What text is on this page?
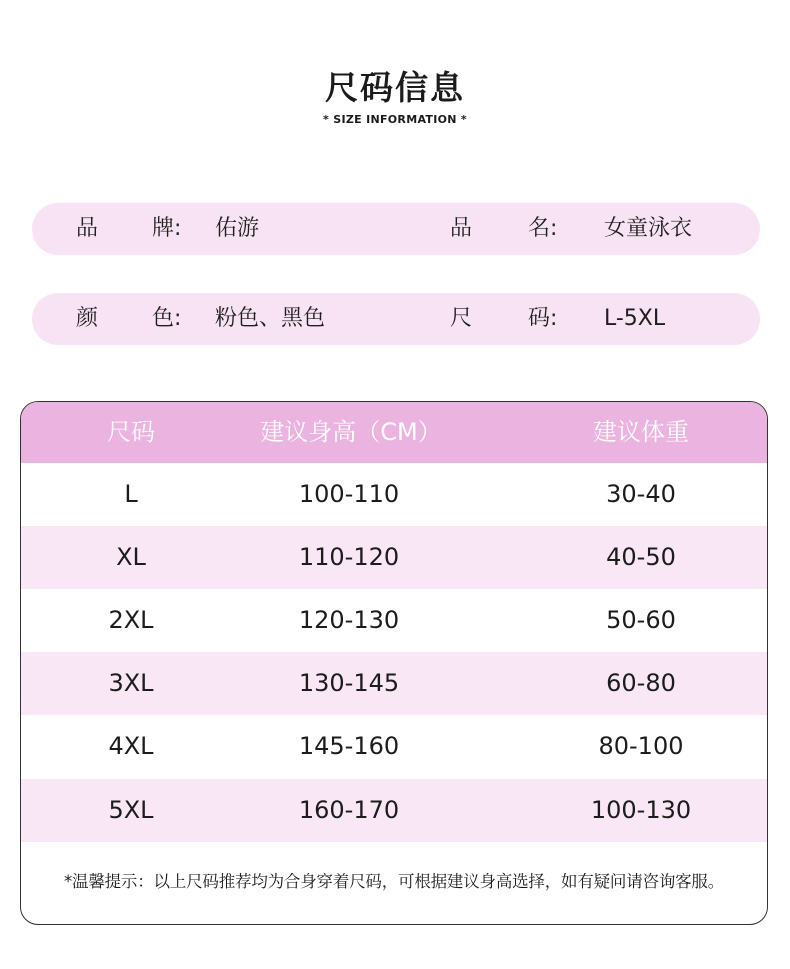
尺码信息
* SIZE INFORMATION *
品 牌: 佑游	品	名: 女童泳衣
颜 色: 粉色、黑色	尺	码: L-5XL
尺码	建议身高（CM）	建议体重
L	100-110	30-40
XL	110-120	40-50
2XL	120-130	50-60
3XL	130-145	60-80
4XL	145-160	80-100
5XL	160-170	100-130
*温馨提示：以上尺码推荐均为合身穿着尺码，可根据建议身高选择，如有疑问请咨询客服。
